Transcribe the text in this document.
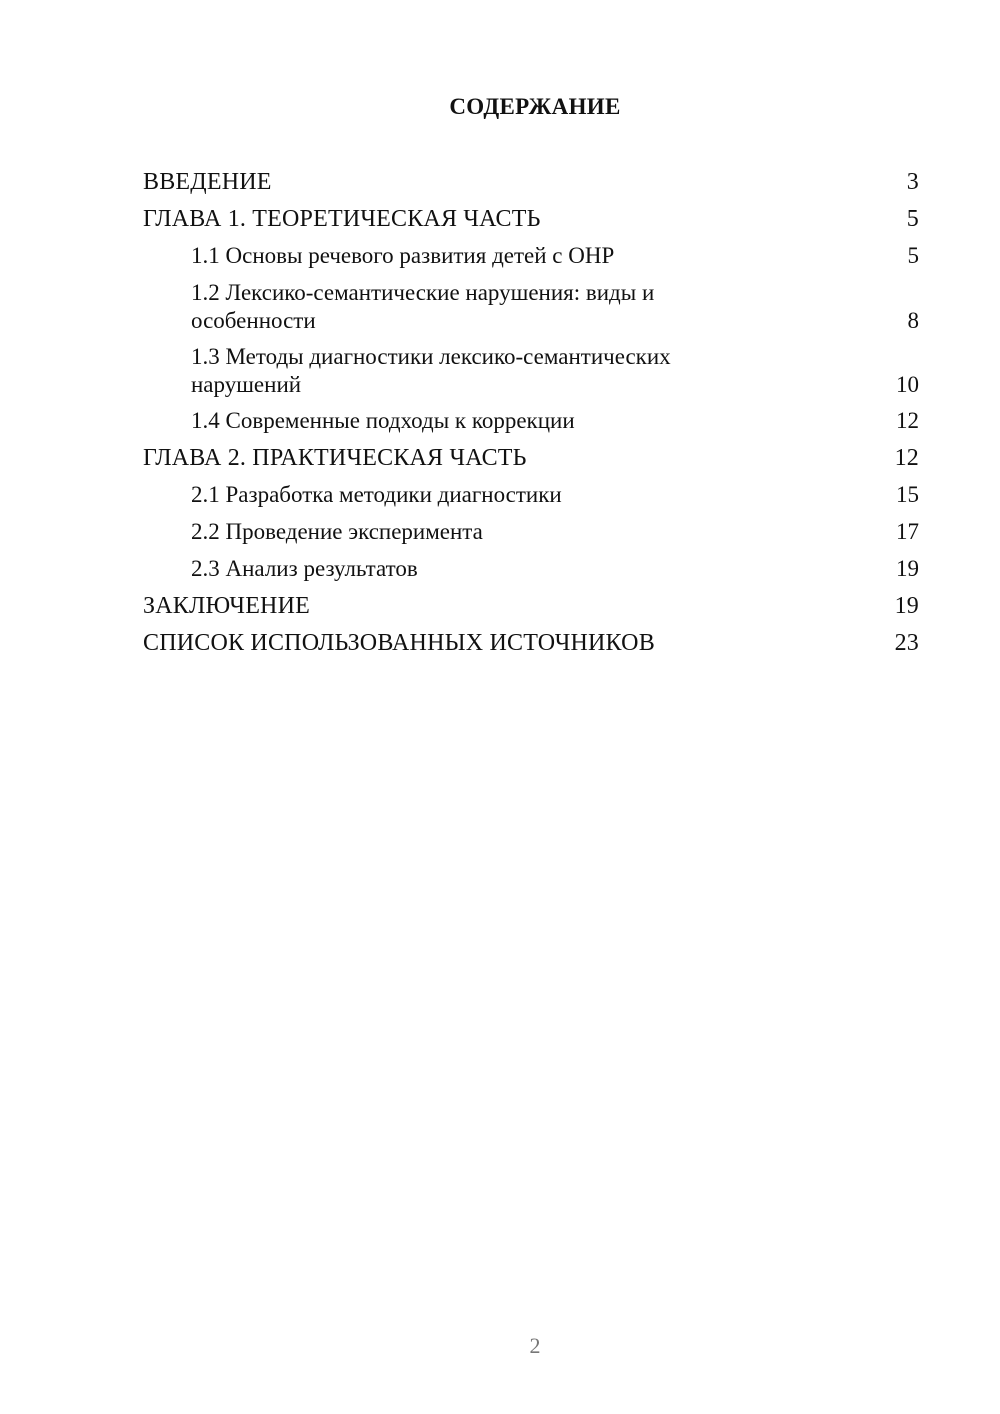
СОДЕРЖАНИЕ
ВВЕДЕНИЕ	3
ГЛАВА 1. ТЕОРЕТИЧЕСКАЯ ЧАСТЬ	5
1.1 Основы речевого развития детей с ОНР	5
1.2 Лексико-семантические нарушения: виды и особенности	8
1.3 Методы диагностики лексико-семантических нарушений	10
1.4 Современные подходы к коррекции	12
ГЛАВА 2. ПРАКТИЧЕСКАЯ ЧАСТЬ	12
2.1 Разработка методики диагностики	15
2.2 Проведение эксперимента	17
2.3 Анализ результатов	19
ЗАКЛЮЧЕНИЕ	19
СПИСОК ИСПОЛЬЗОВАННЫХ ИСТОЧНИКОВ	23
2
